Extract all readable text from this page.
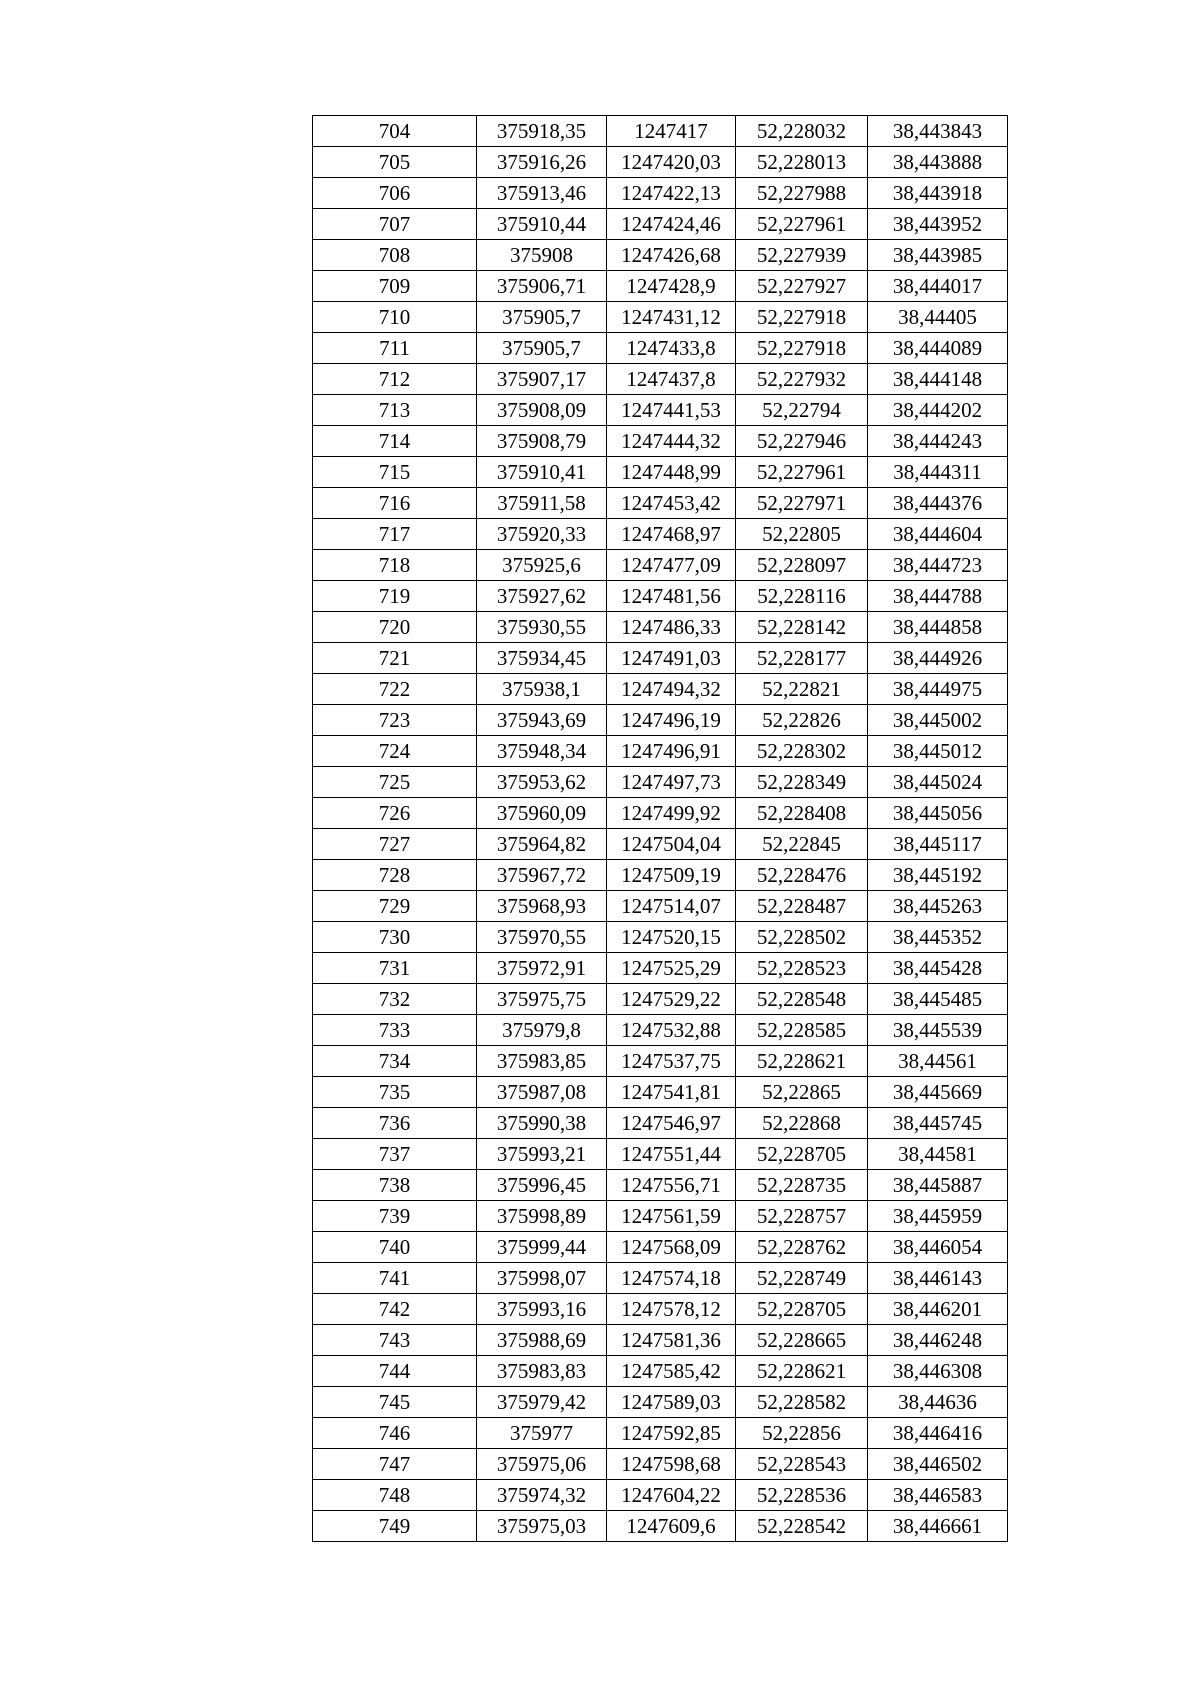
704	375918,35	1247417	52,228032	38,443843
705	375916,26	1247420,03	52,228013	38,443888
706	375913,46	1247422,13	52,227988	38,443918
707	375910,44	1247424,46	52,227961	38,443952
708	375908	1247426,68	52,227939	38,443985
709	375906,71	1247428,9	52,227927	38,444017
710	375905,7	1247431,12	52,227918	38,44405
711	375905,7	1247433,8	52,227918	38,444089
712	375907,17	1247437,8	52,227932	38,444148
713	375908,09	1247441,53	52,22794	38,444202
714	375908,79	1247444,32	52,227946	38,444243
715	375910,41	1247448,99	52,227961	38,444311
716	375911,58	1247453,42	52,227971	38,444376
717	375920,33	1247468,97	52,22805	38,444604
718	375925,6	1247477,09	52,228097	38,444723
719	375927,62	1247481,56	52,228116	38,444788
720	375930,55	1247486,33	52,228142	38,444858
721	375934,45	1247491,03	52,228177	38,444926
722	375938,1	1247494,32	52,22821	38,444975
723	375943,69	1247496,19	52,22826	38,445002
724	375948,34	1247496,91	52,228302	38,445012
725	375953,62	1247497,73	52,228349	38,445024
726	375960,09	1247499,92	52,228408	38,445056
727	375964,82	1247504,04	52,22845	38,445117
728	375967,72	1247509,19	52,228476	38,445192
729	375968,93	1247514,07	52,228487	38,445263
730	375970,55	1247520,15	52,228502	38,445352
731	375972,91	1247525,29	52,228523	38,445428
732	375975,75	1247529,22	52,228548	38,445485
733	375979,8	1247532,88	52,228585	38,445539
734	375983,85	1247537,75	52,228621	38,44561
735	375987,08	1247541,81	52,22865	38,445669
736	375990,38	1247546,97	52,22868	38,445745
737	375993,21	1247551,44	52,228705	38,44581
738	375996,45	1247556,71	52,228735	38,445887
739	375998,89	1247561,59	52,228757	38,445959
740	375999,44	1247568,09	52,228762	38,446054
741	375998,07	1247574,18	52,228749	38,446143
742	375993,16	1247578,12	52,228705	38,446201
743	375988,69	1247581,36	52,228665	38,446248
744	375983,83	1247585,42	52,228621	38,446308
745	375979,42	1247589,03	52,228582	38,44636
746	375977	1247592,85	52,22856	38,446416
747	375975,06	1247598,68	52,228543	38,446502
748	375974,32	1247604,22	52,228536	38,446583
749	375975,03	1247609,6	52,228542	38,446661
